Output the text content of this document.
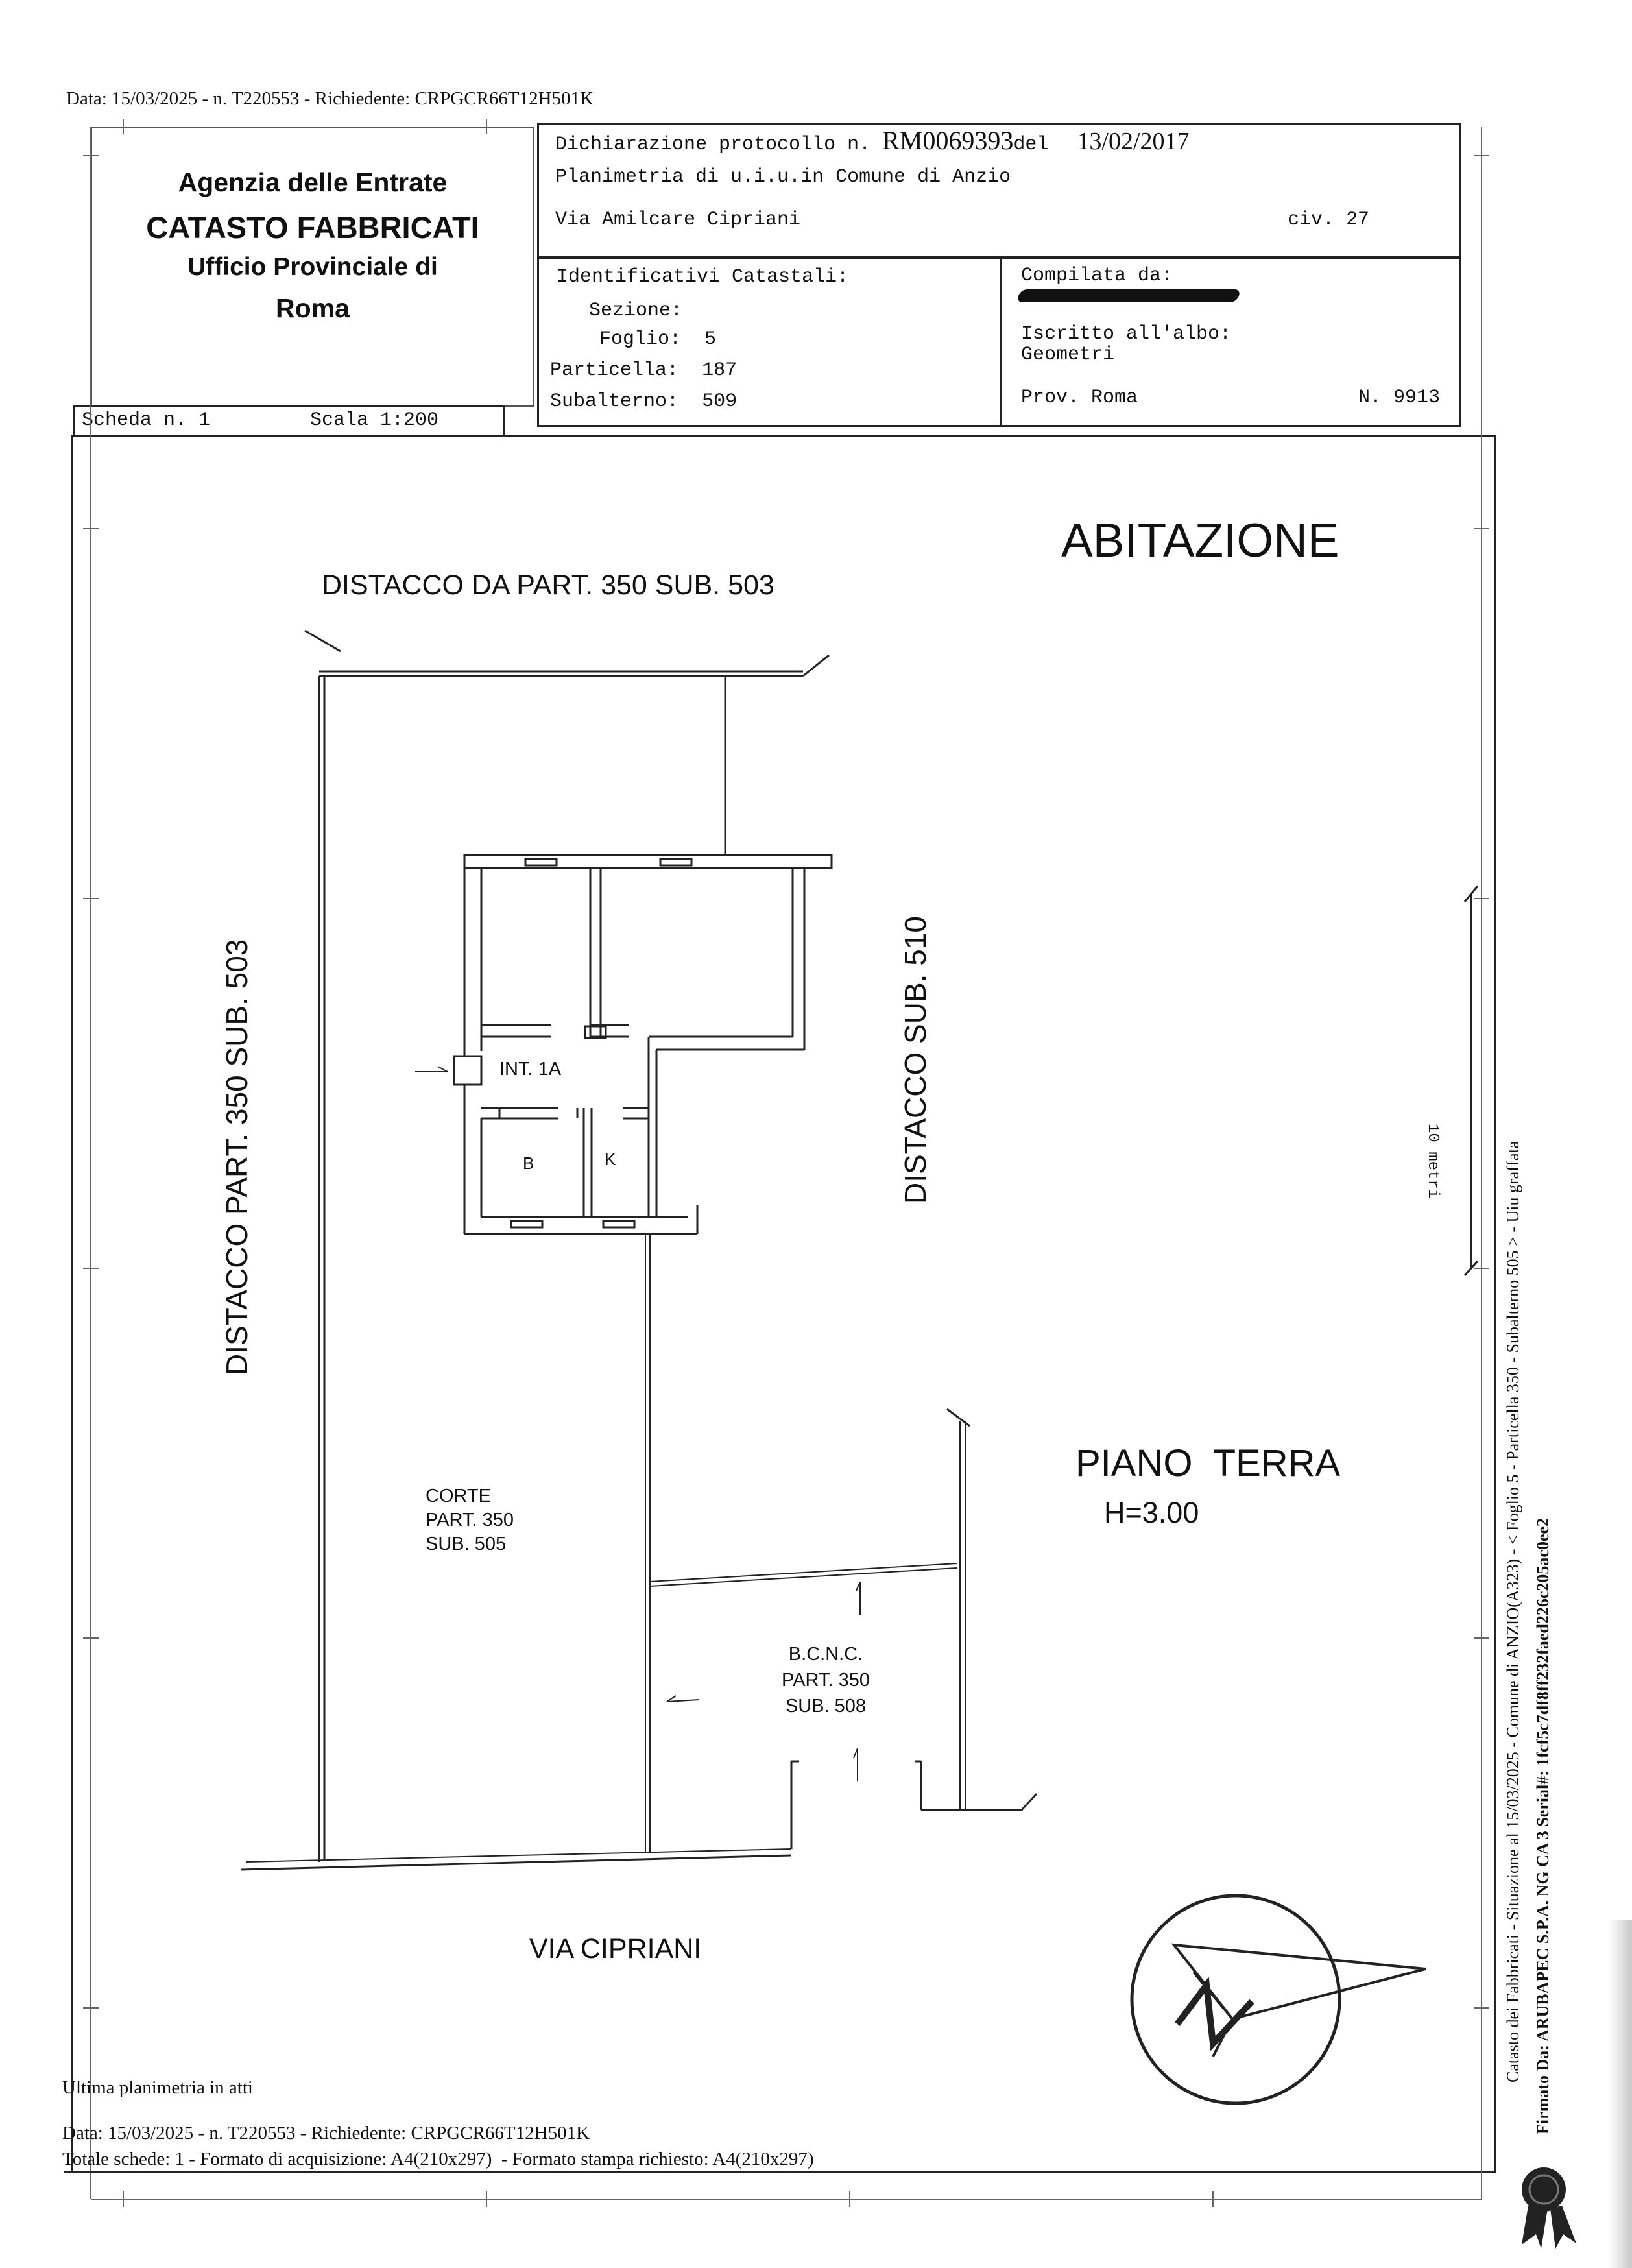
Data: 15/03/2025 - n. T220553 - Richiedente: CRPGCR66T12H501K
Agenzia delle Entrate
CATASTO FABBRICATI
Ufficio Provinciale di
Roma
Dichiarazione protocollo n. RM0069393del 13/02/2017
Planimetria di u.i.u.in Comune di Anzio
Via Amilcare Cipriani	civ. 27
Identificativi Catastali:
Sezione:
Foglio: 5
Particella: 187
Subalterno: 509
Compilata da:
Iscritto all'albo:
Geometri
Prov. Roma	N. 9913
Scheda n. 1	Scala 1:200
ABITAZIONE
DISTACCO DA PART. 350 SUB. 503
DISTACCO PART. 350 SUB. 503	DISTACCO SUB. 510
INT. 1A
B	K
PIANO  TERRA
H=3.00
CORTE
PART. 350
SUB. 505
B.C.N.C.
PART. 350
SUB. 508
VIA CIPRIANI
10 metri
Ultima planimetria in atti
Data: 15/03/2025 - n. T220553 - Richiedente: CRPGCR66T12H501K
Totale schede: 1 - Formato di acquisizione: A4(210x297)  - Formato stampa richiesto: A4(210x297)
Catasto dei Fabbricati - Situazione al 15/03/2025 - Comune di ANZIO(A323) - < Foglio 5 - Particella 350 - Subalterno 505 > - Uiu graffata Firmato Da: ARUBAPEC S.P.A. NG CA 3 Serial#: 1fcf5c7df8ff232faed226c205ac0ee2
